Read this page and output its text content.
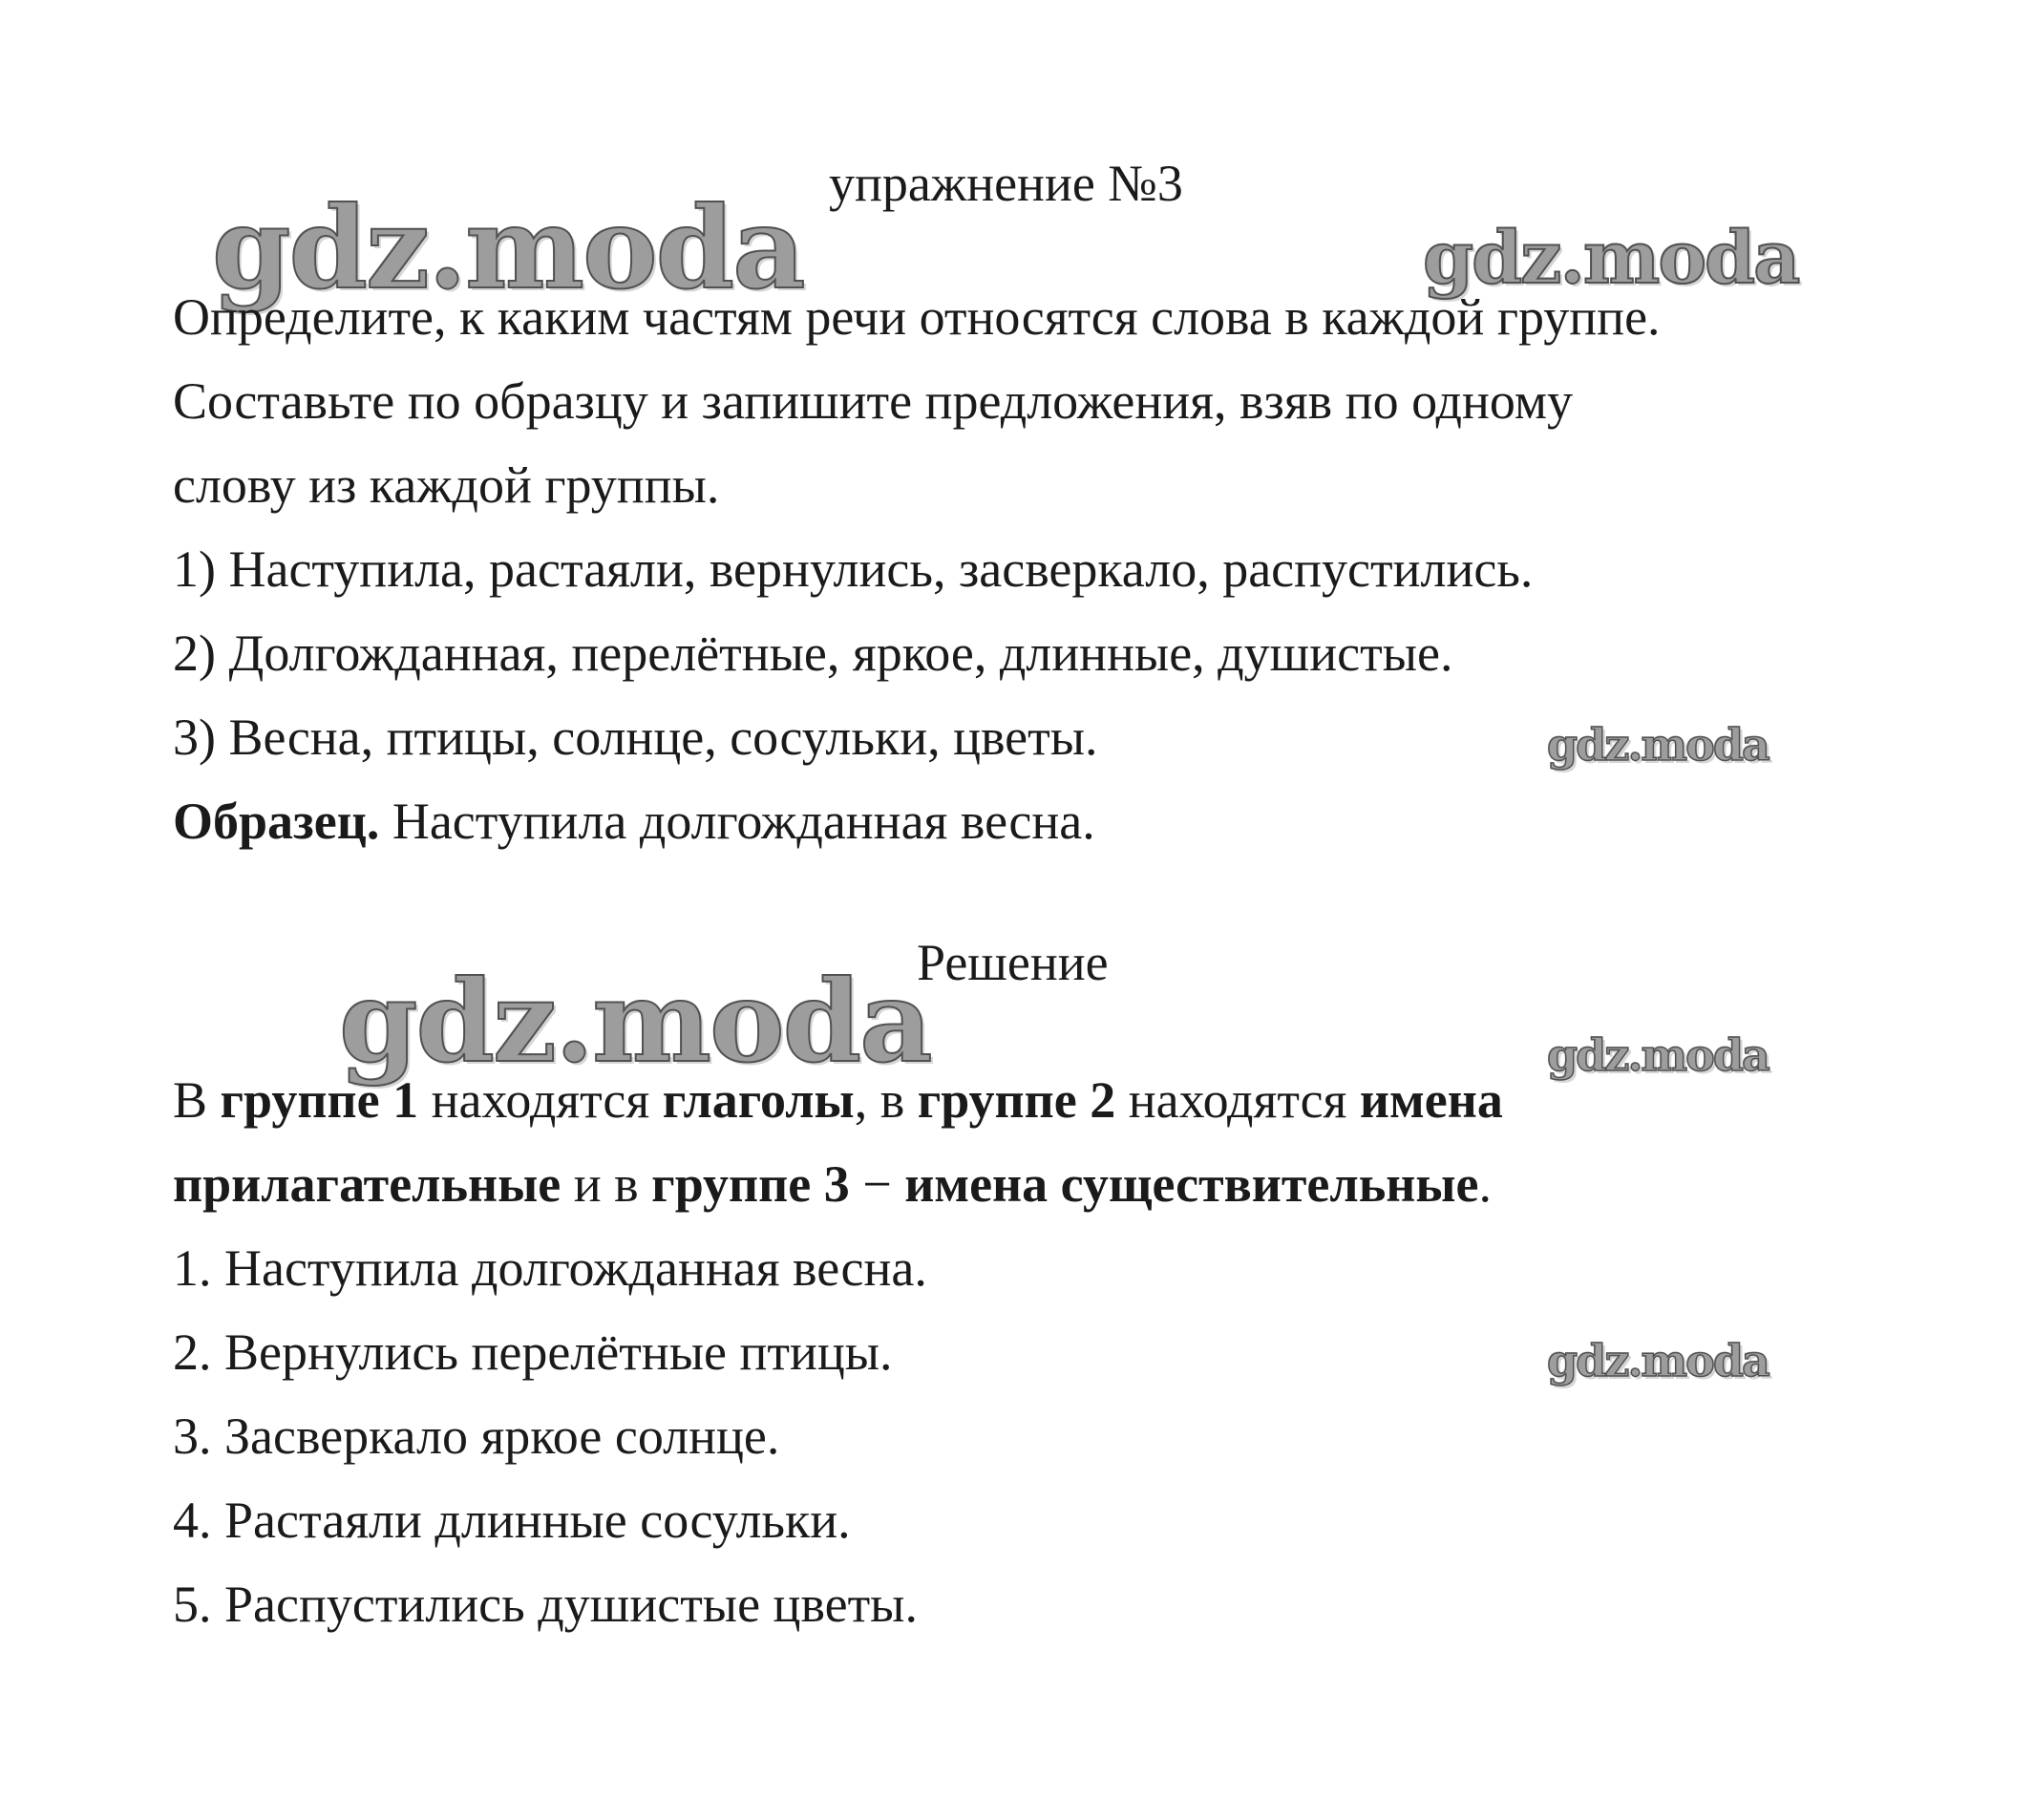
gdz.moda	gdz.moda
gdz.moda
gdz.moda	gdz.moda
gdz.moda
упражнение №3
Определите, к каким частям речи относятся слова в каждой группе.
Составьте по образцу и запишите предложения, взяв по одному
слову из каждой группы.
1) Наступила, растаяли, вернулись, засверкало, распустились.
2) Долгожданная, перелётные, яркое, длинные, душистые.
3) Весна, птицы, солнце, сосульки, цветы.
Образец. Наступила долгожданная весна.
Решение
В группе 1 находятся глаголы, в группе 2 находятся имена
прилагательные и в группе 3 − имена существительные.
1. Наступила долгожданная весна.
2. Вернулись перелётные птицы.
3. Засверкало яркое солнце.
4. Растаяли длинные сосульки.
5. Распустились душистые цветы.
